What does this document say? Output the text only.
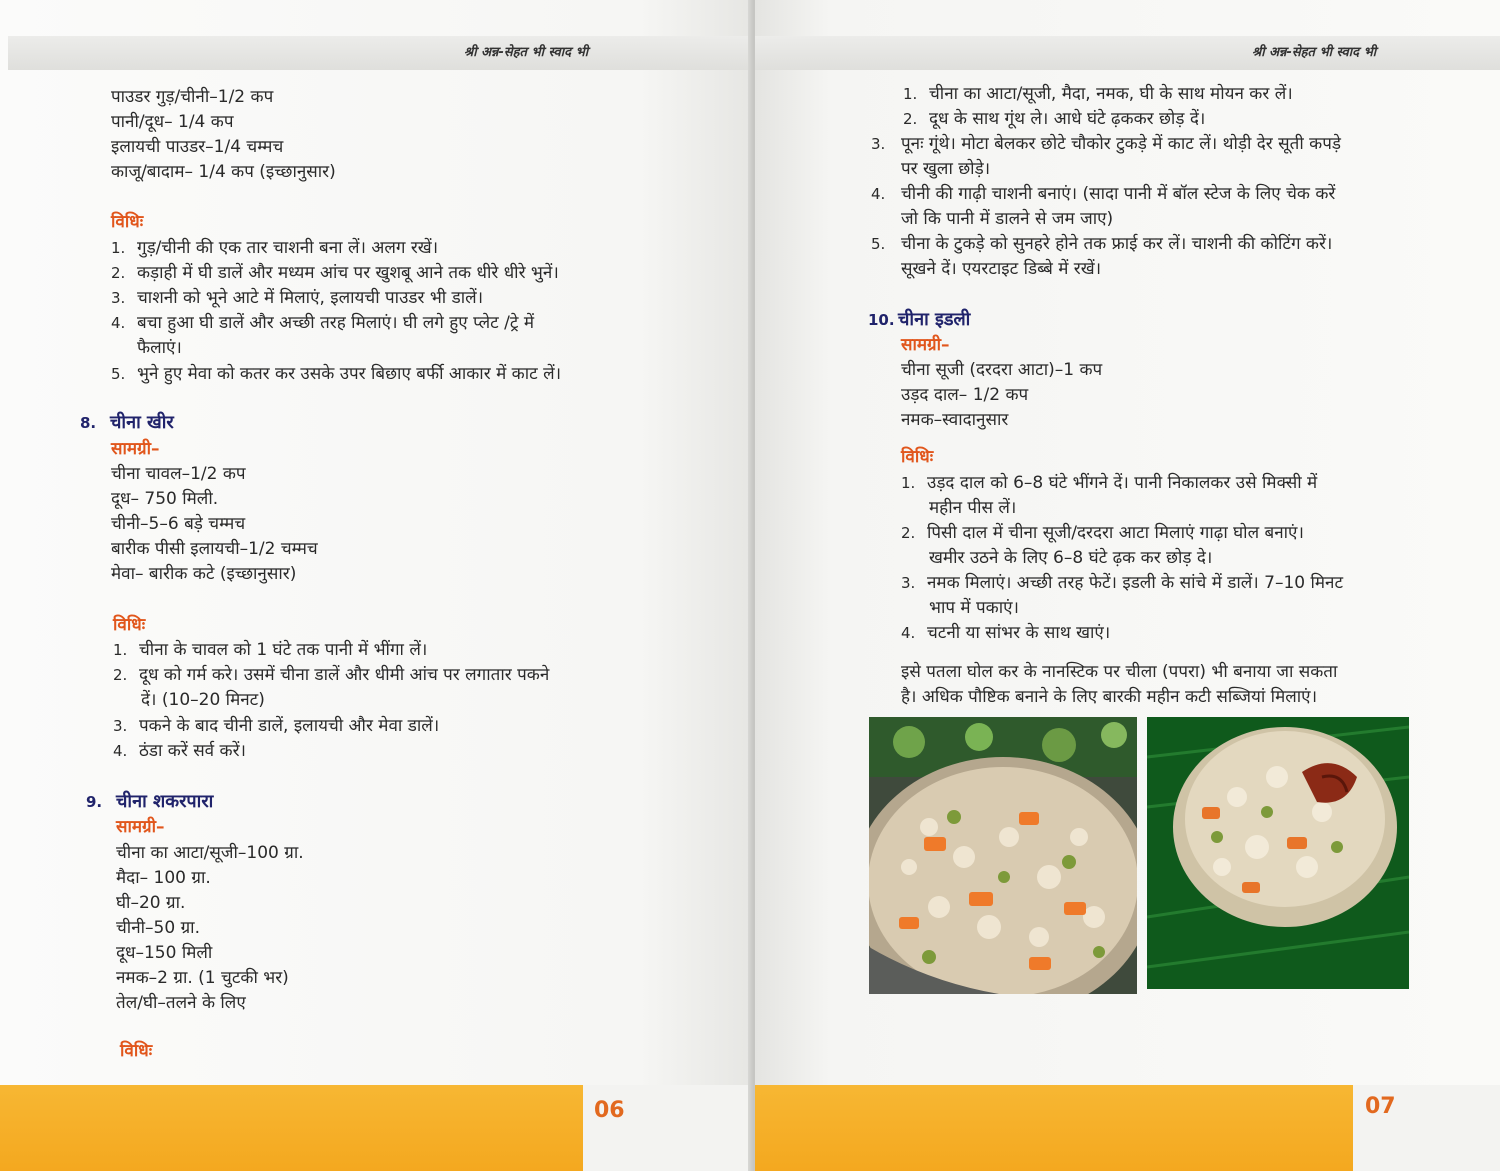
श्री अन्न-सेहत भी स्वाद भी
पाउडर गुड़/चीनी–1/2 कप
पानी/दूध– 1/4 कप
इलायची पाउडर–1/4 चम्मच
काजू/बादाम– 1/4 कप (इच्छानुसार)
विधिः
1. गुड़/चीनी की एक तार चाशनी बना लें। अलग रखें।
2. कड़ाही में घी डालें और मध्यम आंच पर खुशबू आने तक धीरे धीरे भुनें।
3. चाशनी को भूने आटे में मिलाएं, इलायची पाउडर भी डालें।
4. बचा हुआ घी डालें और अच्छी तरह मिलाएं। घी लगे हुए प्लेट /ट्रे में
फैलाएं।
5. भुने हुए मेवा को कतर कर उसके उपर बिछाए बर्फी आकार में काट लें।
8. चीना खीर
सामग्री–
चीना चावल–1/2 कप
दूध– 750 मिली.
चीनी–5–6 बड़े चम्मच
बारीक पीसी इलायची–1/2 चम्मच
मेवा– बारीक कटे (इच्छानुसार)
विधिः
1. चीना के चावल को 1 घंटे तक पानी में भींगा लें।
2. दूध को गर्म करे। उसमें चीना डालें और धीमी आंच पर लगातार पकने
दें। (10–20 मिनट)
3. पकने के बाद चीनी डालें, इलायची और मेवा डालें।
4. ठंडा करें सर्व करें।
9. चीना शकरपारा
सामग्री–
चीना का आटा/सूजी–100 ग्रा.
मैदा– 100 ग्रा.
घी–20 ग्रा.
चीनी–50 ग्रा.
दूध–150 मिली
नमक–2 ग्रा. (1 चुटकी भर)
तेल/घी–तलने के लिए
विधिः
06
श्री अन्न-सेहत भी स्वाद भी
1. चीना का आटा/सूजी, मैदा, नमक, घी के साथ मोयन कर लें।
2. दूध के साथ गूंथ ले। आधे घंटे ढ़ककर छोड़ दें।
3. पूनः गूंथे। मोटा बेलकर छोटे चौकोर टुकड़े में काट लें। थोड़ी देर सूती कपड़े
पर खुला छोड़े।
4. चीनी की गाढ़ी चाशनी बनाएं। (सादा पानी में बॉल स्टेज के लिए चेक करें
जो कि पानी में डालने से जम जाए)
5. चीना के टुकड़े को सुनहरे होने तक फ्राई कर लें। चाशनी की कोटिंग करें।
सूखने दें। एयरटाइट डिब्बे में रखें।
10. चीना इडली
सामग्री–
चीना सूजी (दरदरा आटा)–1 कप
उड़द दाल– 1/2 कप
नमक–स्वादानुसार
विधिः
1. उड़द दाल को 6–8 घंटे भींगने दें। पानी निकालकर उसे मिक्सी में
महीन पीस लें।
2. पिसी दाल में चीना सूजी/दरदरा आटा मिलाएं गाढ़ा घोल बनाएं।
खमीर उठने के लिए 6–8 घंटे ढ़क कर छोड़ दे।
3. नमक मिलाएं। अच्छी तरह फेटें। इडली के सांचे में डालें। 7–10 मिनट
भाप में पकाएं।
4. चटनी या सांभर के साथ खाएं।
इसे पतला घोल कर के नानस्टिक पर चीला (पपरा) भी बनाया जा सकता
है। अधिक पौष्टिक बनाने के लिए बारकी महीन कटी सब्जियां मिलाएं।
07
